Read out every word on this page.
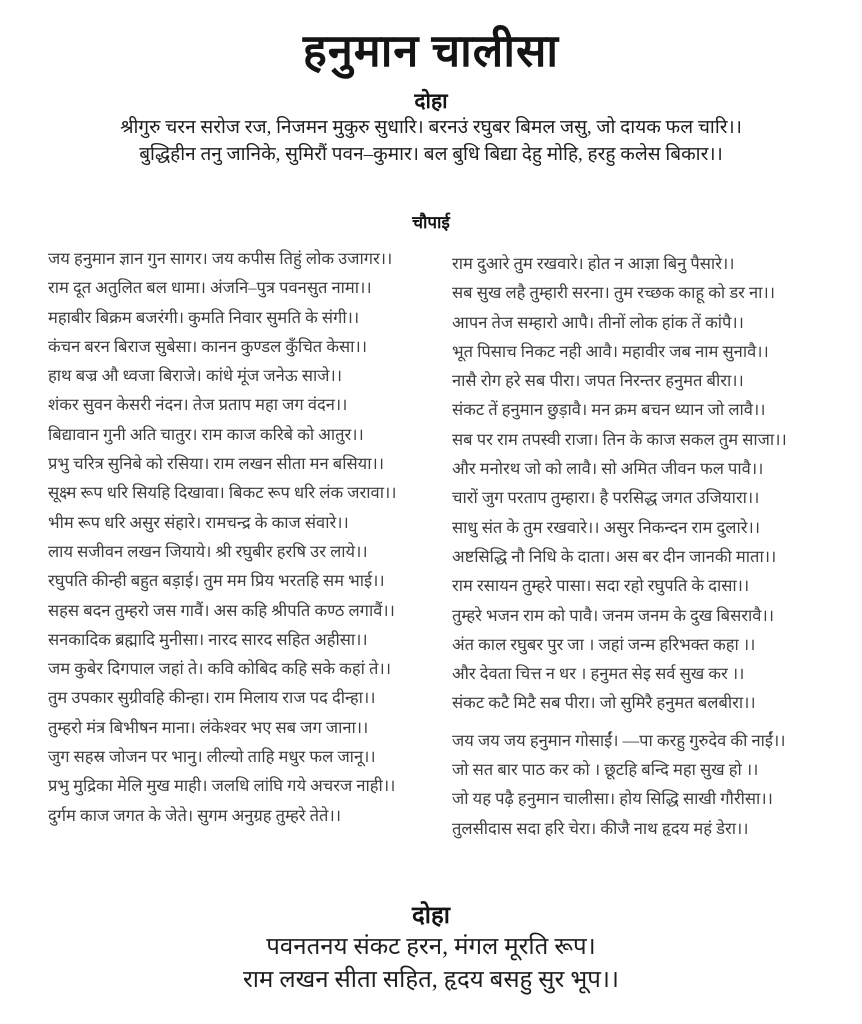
हनुमान चालीसा
दोहा

श्रीगुरु चरन सरोज रज, निजमन मुकुरु सुधारि। बरनउं रघुबर बिमल जसु, जो दायक फल चारि।।

बुद्धिहीन तनु जानिके, सुमिरौं पवन–कुमार। बल बुधि बिद्या देहु मोहि, हरहु कलेस बिकार।।

चौपाई

जय हनुमान ज्ञान गुन सागर। जय कपीस तिहुं लोक उजागर।।

राम दूत अतुलित बल धामा। अंजनि–पुत्र पवनसुत नामा।।

महाबीर बिक्रम बजरंगी। कुमति निवार सुमति के संगी।।

कंचन बरन बिराज सुबेसा। कानन कुण्डल कुँचित केसा।।

हाथ बज्र औ ध्वजा बिराजे। कांधे मूंज जनेऊ साजे।।

शंकर सुवन केसरी नंदन। तेज प्रताप महा जग वंदन।।

बिद्यावान गुनी अति चातुर। राम काज करिबे को आतुर।।

प्रभु चरित्र सुनिबे को रसिया। राम लखन सीता मन बसिया।।

सूक्ष्म रूप धरि सियहि दिखावा। बिकट रूप धरि लंक जरावा।।

भीम रूप धरि असुर संहारे। रामचन्द्र के काज संवारे।।

लाय सजीवन लखन जियाये। श्री रघुबीर हरषि उर लाये।।

रघुपति कीन्ही बहुत बड़ाई। तुम मम प्रिय भरतहि सम भाई।।

सहस बदन तुम्हरो जस गावैं। अस कहि श्रीपति कण्ठ लगावैं।।

सनकादिक ब्रह्मादि मुनीसा। नारद सारद सहित अहीसा।।

जम कुबेर दिगपाल जहां ते। कवि कोबिद कहि सके कहां ते।।

तुम उपकार सुग्रीवहि कीन्हा। राम मिलाय राज पद दीन्हा।।

तुम्हरो मंत्र बिभीषन माना। लंकेश्वर भए सब जग जाना।।

जुग सहस्र जोजन पर भानु। लील्यो ताहि मधुर फल जानू।।

प्रभु मुद्रिका मेलि मुख माही। जलधि लांघि गये अचरज नाही।।

दुर्गम काज जगत के जेते। सुगम अनुग्रह तुम्हरे तेते।।

राम दुआरे तुम रखवारे। होत न आज्ञा बिनु पैसारे।।

सब सुख लहै तुम्हारी सरना। तुम रच्छक काहू को डर ना।।

आपन तेज सम्हारो आपै। तीनों लोक हांक तें कांपै।।

भूत पिसाच निकट नही आवै। महावीर जब नाम सुनावै।।

नासै रोग हरे सब पीरा। जपत निरन्तर हनुमत बीरा।।

संकट तें हनुमान छुड़ावै। मन क्रम बचन ध्यान जो लावै।।

सब पर राम तपस्वी राजा। तिन के काज सकल तुम साजा।।

और मनोरथ जो को लावै। सो अमित जीवन फल पावै।।

चारों जुग परताप तुम्हारा। है परसिद्ध जगत उजियारा।।

साधु संत के तुम रखवारे।। असुर निकन्दन राम दुलारे।।

अष्टसिद्धि नौ निधि के दाता। अस बर दीन जानकी माता।।

राम रसायन तुम्हरे पासा। सदा रहो रघुपति के दासा।।

तुम्हरे भजन राम को पावै। जनम जनम के दुख बिसरावै।।

अंत काल रघुबर पुर जा । जहां जन्म हरिभक्त कहा ।।

और देवता चित्त न धर । हनुमत सेइ सर्व सुख कर ।।

संकट कटै मिटै सब पीरा। जो सुमिरै हनुमत बलबीरा।।

जय जय जय हनुमान गोसाईं। —पा करहु गुरुदेव की नाईं।।

जो सत बार पाठ कर को । छूटहि बन्दि महा सुख हो ।।

जो यह पढ़ै हनुमान चालीसा। होय सिद्धि साखी गौरीसा।।

तुलसीदास सदा हरि चेरा। कीजै नाथ हृदय महं डेरा।।

दोहा

पवनतनय संकट हरन, मंगल मूरति रूप।

राम लखन सीता सहित, हृदय बसहु सुर भूप।।
